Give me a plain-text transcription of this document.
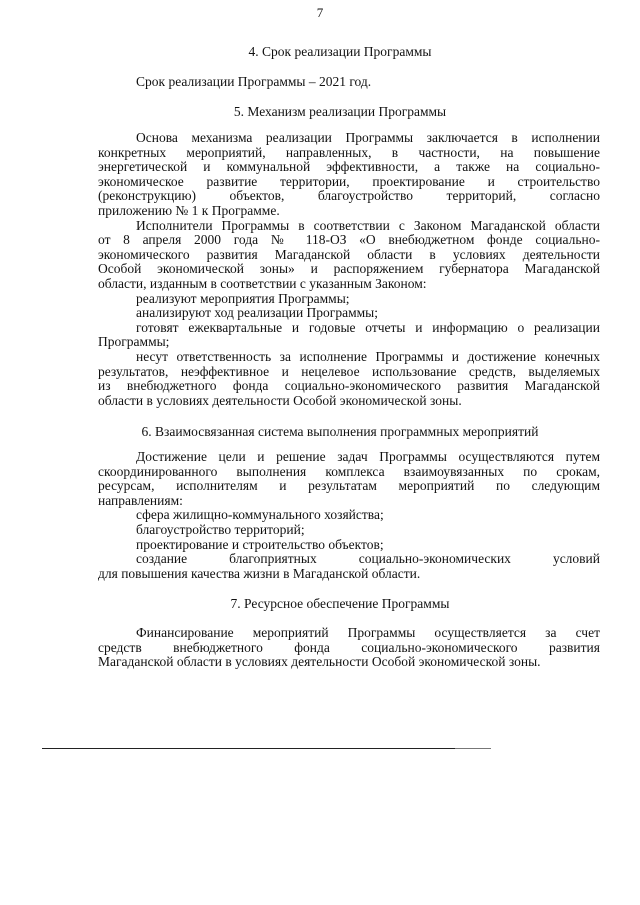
7
4. Срок реализации Программы
Срок реализации Программы – 2021 год.
5. Механизм реализации Программы

Основа механизма реализации Программы заключается в исполнении

конкретных мероприятий, направленных, в частности, на повышение

энергетической и коммунальной эффективности, а также на социально-

экономическое развитие территории, проектирование и строительство

(реконструкцию) объектов, благоустройство территорий, согласно

приложению № 1 к Программе.

Исполнители Программы в соответствии с Законом Магаданской области

от 8 апреля 2000 года № 118-ОЗ «О внебюджетном фонде социально-

экономического развития Магаданской области в условиях деятельности

Особой экономической зоны» и распоряжением губернатора Магаданской

области, изданным в соответствии с указанным Законом:

реализуют мероприятия Программы;

анализируют ход реализации Программы;

готовят ежеквартальные и годовые отчеты и информацию о реализации

Программы;

несут ответственность за исполнение Программы и достижение конечных

результатов, неэффективное и нецелевое использование средств, выделяемых

из внебюджетного фонда социально-экономического развития Магаданской

области в условиях деятельности Особой экономической зоны.

6. Взаимосвязанная система выполнения программных мероприятий

Достижение цели и решение задач Программы осуществляются путем

скоординированного выполнения комплекса взаимоувязанных по срокам,

ресурсам, исполнителям и результатам мероприятий по следующим

направлениям:

сфера жилищно-коммунального хозяйства;

благоустройство территорий;

проектирование и строительство объектов;

создание благоприятных социально-экономических условий

для повышения качества жизни в Магаданской области.

7. Ресурсное обеспечение Программы

Финансирование мероприятий Программы осуществляется за счет

средств внебюджетного фонда социально-экономического развития

Магаданской области в условиях деятельности Особой экономической зоны.
